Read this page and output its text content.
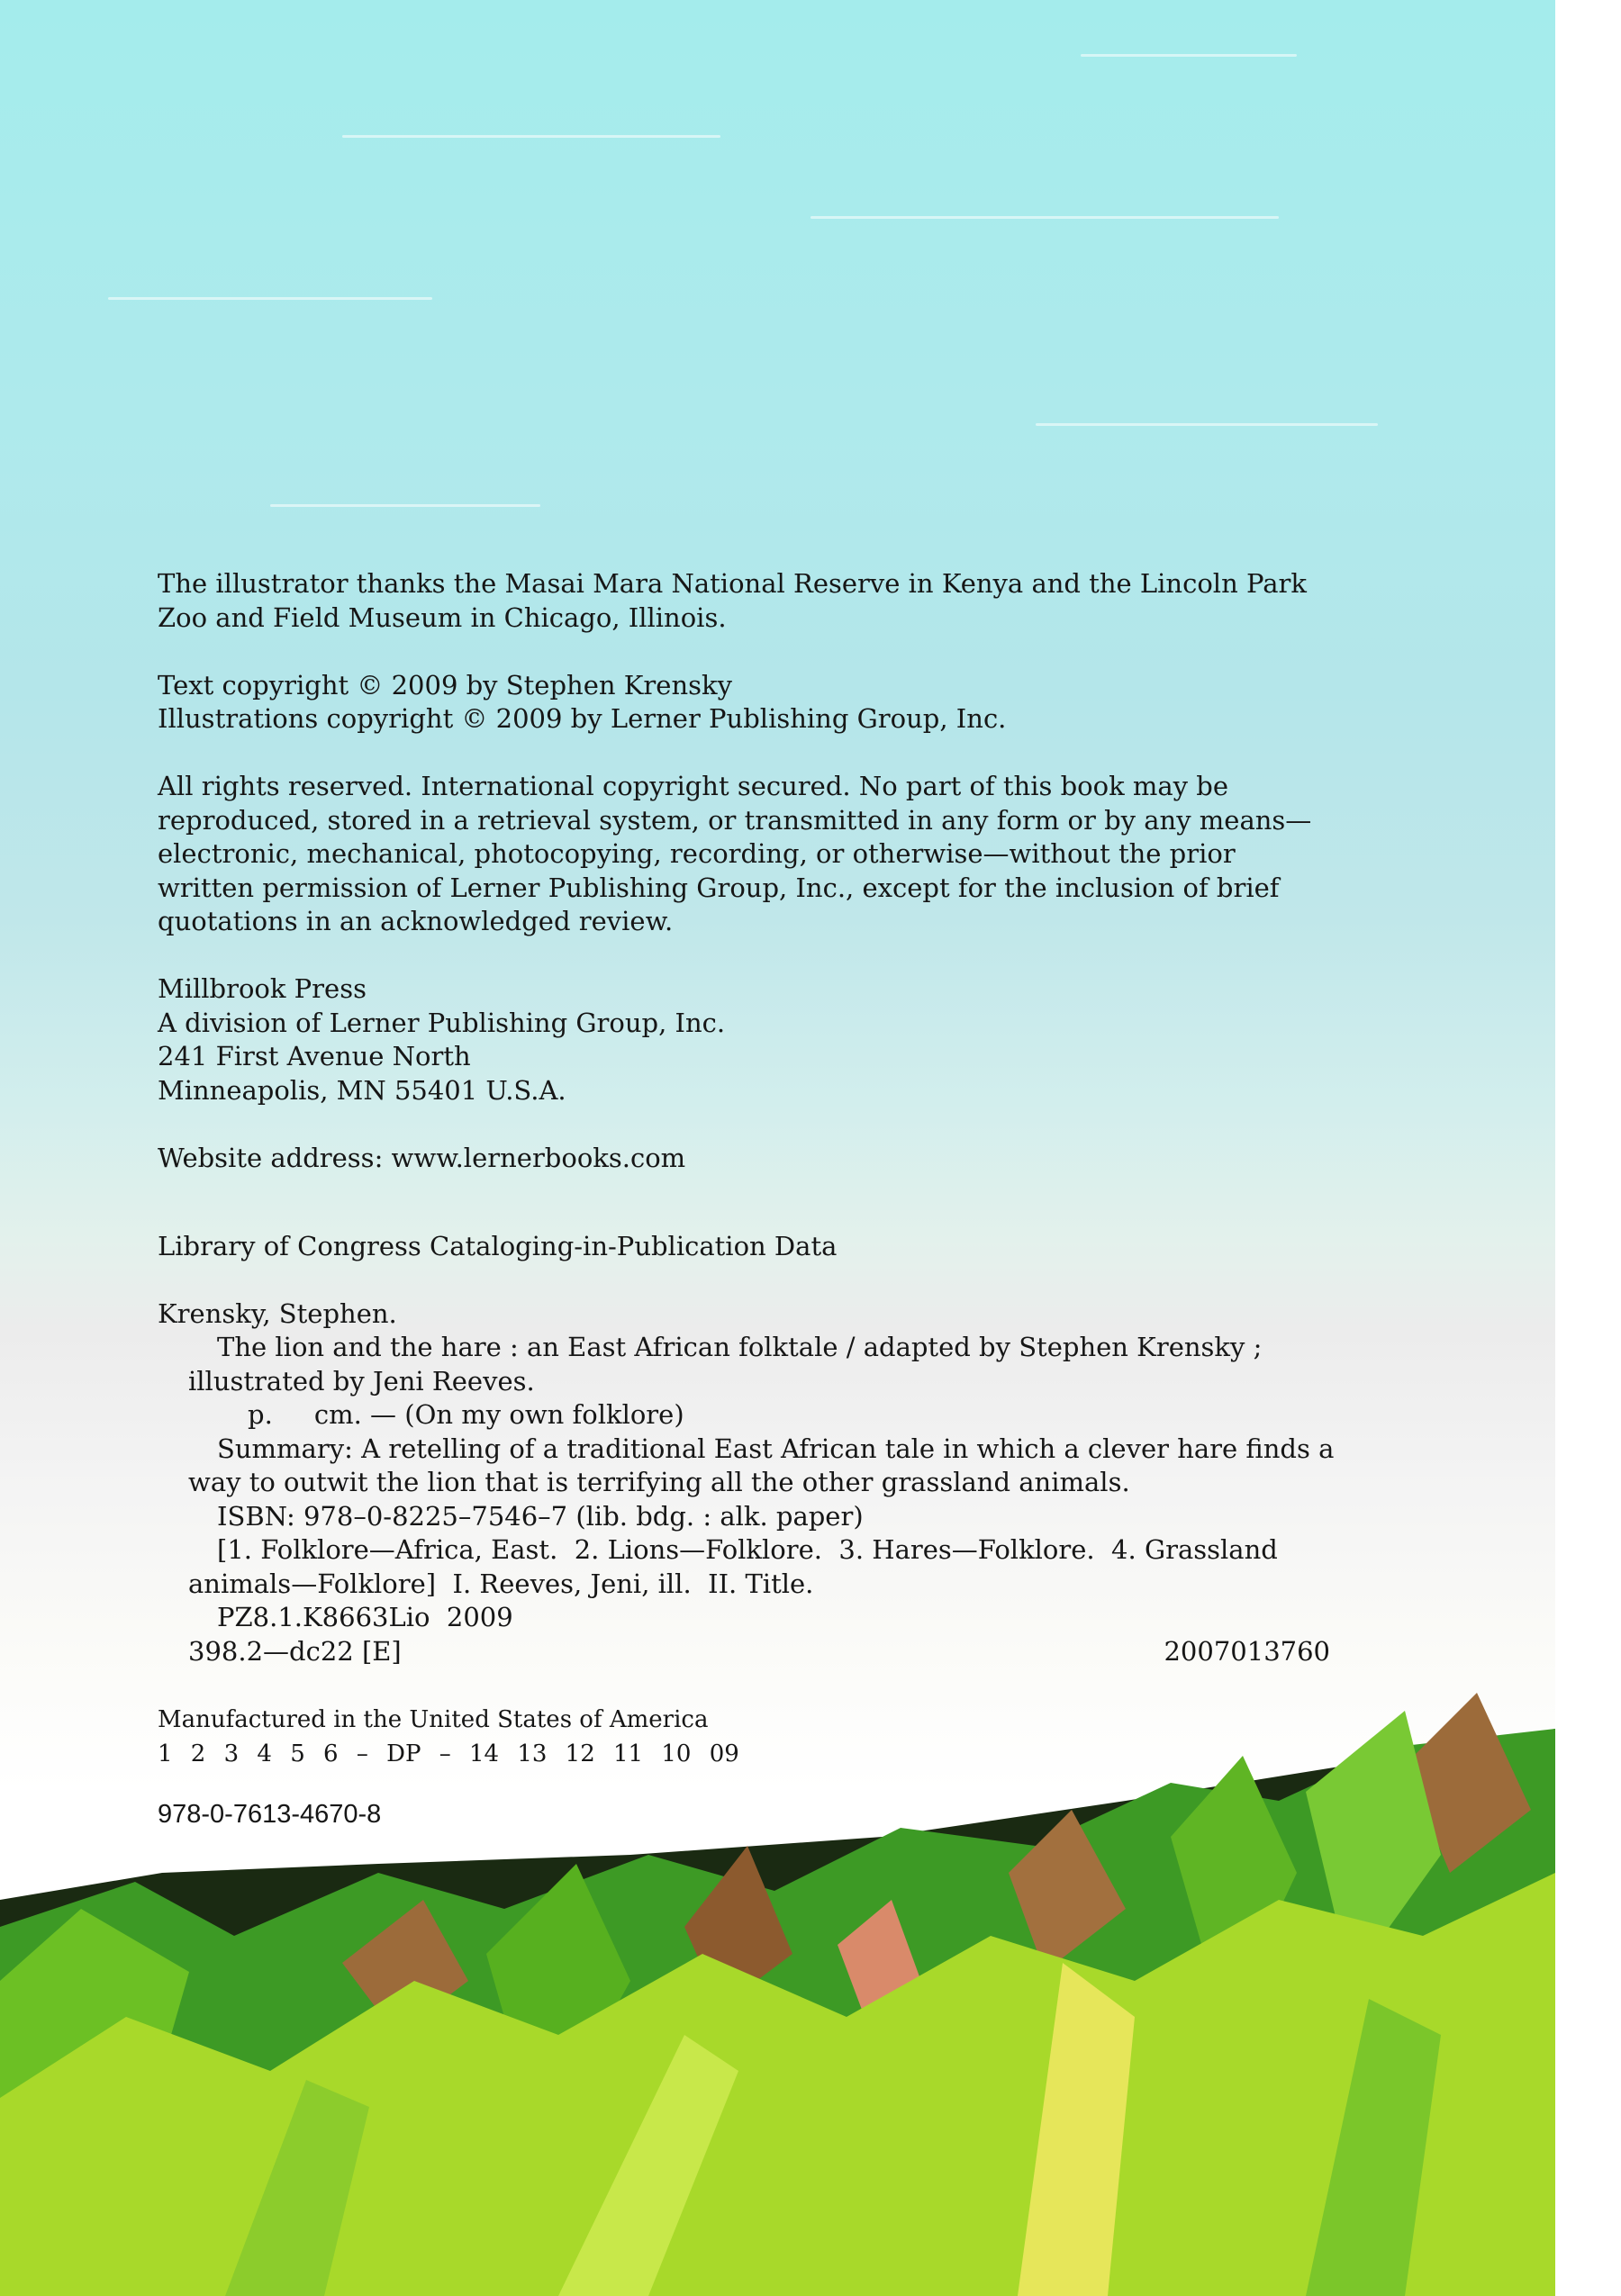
The illustrator thanks the Masai Mara National Reserve in Kenya and the Lincoln Park
Zoo and Field Museum in Chicago, Illinois.
Text copyright © 2009 by Stephen Krensky
Illustrations copyright © 2009 by Lerner Publishing Group, Inc.
All rights reserved. International copyright secured. No part of this book may be
reproduced, stored in a retrieval system, or transmitted in any form or by any means—
electronic, mechanical, photocopying, recording, or otherwise—without the prior
written permission of Lerner Publishing Group, Inc., except for the inclusion of brief
quotations in an acknowledged review.
Millbrook Press
A division of Lerner Publishing Group, Inc.
241 First Avenue North
Minneapolis, MN 55401 U.S.A.
Website address: www.lernerbooks.com
Library of Congress Cataloging-in-Publication Data
Krensky, Stephen.
The lion and the hare : an East African folktale / adapted by Stephen Krensky ;
illustrated by Jeni Reeves.
p.     cm. — (On my own folklore)
Summary: A retelling of a traditional East African tale in which a clever hare finds a
way to outwit the lion that is terrifying all the other grassland animals.
ISBN: 978–0-8225–7546–7 (lib. bdg. : alk. paper)
[1. Folklore—Africa, East.  2. Lions—Folklore.  3. Hares—Folklore.  4. Grassland
animals—Folklore]  I. Reeves, Jeni, ill.  II. Title.
PZ8.1.K8663Lio  2009
398.2—dc22 [E]	2007013760
Manufactured in the United States of America
1 2 3 4 5 6 – DP – 14 13 12 11 10 09
978-0-7613-4670-8
